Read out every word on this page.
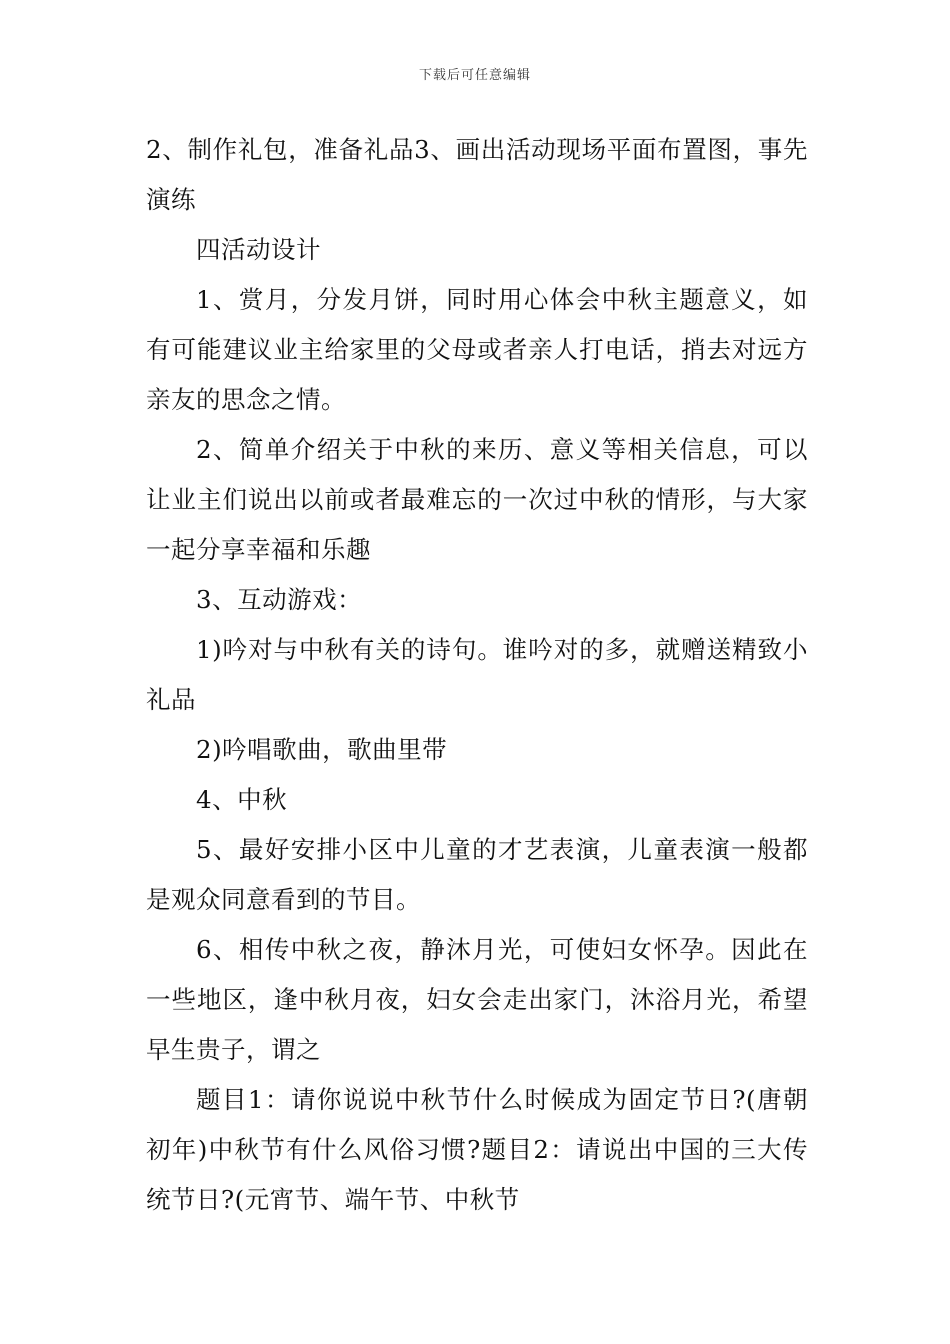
下载后可任意编辑

2、制作礼包，准备礼品3、画出活动现场平面布置图，事先演练

四活动设计

1、赏月，分发月饼，同时用心体会中秋主题意义，如有可能建议业主给家里的父母或者亲人打电话，捎去对远方亲友的思念之情。

2、简单介绍关于中秋的来历、意义等相关信息，可以让业主们说出以前或者最难忘的一次过中秋的情形，与大家一起分享幸福和乐趣

3、互动游戏：

1)吟对与中秋有关的诗句。谁吟对的多，就赠送精致小礼品

2)吟唱歌曲，歌曲里带

4、中秋

5、最好安排小区中儿童的才艺表演，儿童表演一般都是观众同意看到的节目。

6、相传中秋之夜，静沐月光，可使妇女怀孕。因此在一些地区，逢中秋月夜，妇女会走出家门，沐浴月光，希望早生贵子，谓之

题目1：请你说说中秋节什么时候成为固定节日?(唐朝初年)中秋节有什么风俗习惯?题目2：请说出中国的三大传统节日?(元宵节、端午节、中秋节
